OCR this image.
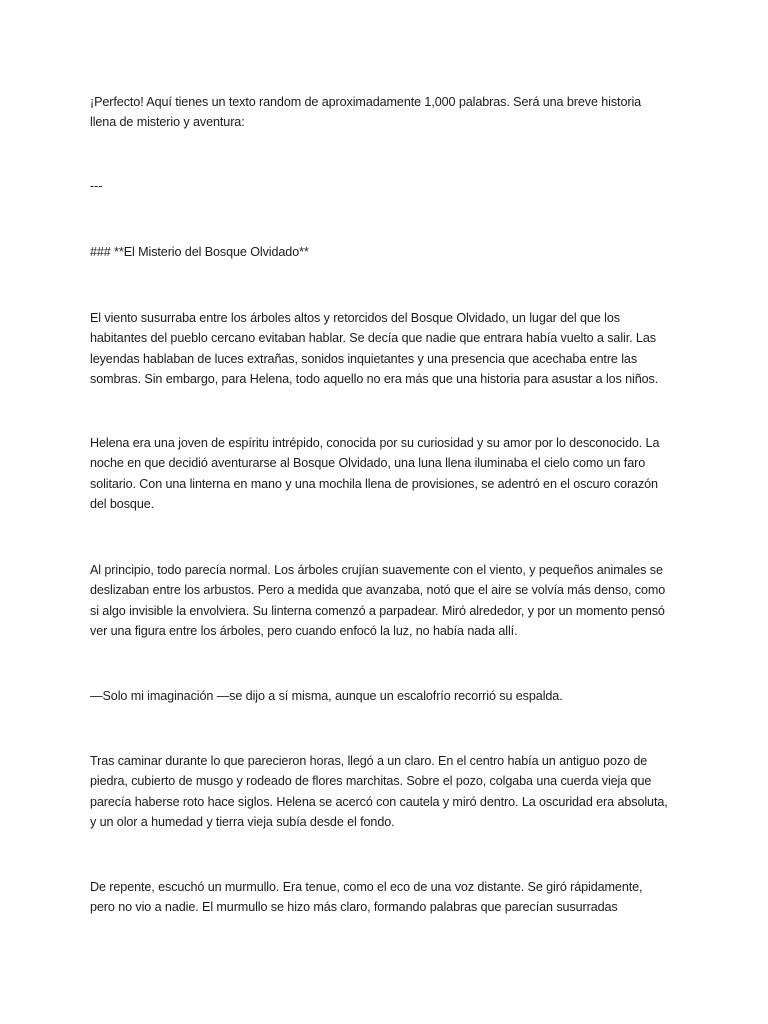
¡Perfecto! Aquí tienes un texto random de aproximadamente 1,000 palabras. Será una breve historia
llena de misterio y aventura:

---

### **El Misterio del Bosque Olvidado**

El viento susurraba entre los árboles altos y retorcidos del Bosque Olvidado, un lugar del que los
habitantes del pueblo cercano evitaban hablar. Se decía que nadie que entrara había vuelto a salir. Las
leyendas hablaban de luces extrañas, sonidos inquietantes y una presencia que acechaba entre las
sombras. Sin embargo, para Helena, todo aquello no era más que una historia para asustar a los niños.

Helena era una joven de espíritu intrépido, conocida por su curiosidad y su amor por lo desconocido. La
noche en que decidió aventurarse al Bosque Olvidado, una luna llena iluminaba el cielo como un faro
solitario. Con una linterna en mano y una mochila llena de provisiones, se adentró en el oscuro corazón
del bosque.

Al principio, todo parecía normal. Los árboles crujían suavemente con el viento, y pequeños animales se
deslizaban entre los arbustos. Pero a medida que avanzaba, notó que el aire se volvía más denso, como
si algo invisible la envolviera. Su linterna comenzó a parpadear. Miró alrededor, y por un momento pensó
ver una figura entre los árboles, pero cuando enfocó la luz, no había nada allí.

—Solo mi imaginación —se dijo a sí misma, aunque un escalofrío recorrió su espalda.

Tras caminar durante lo que parecieron horas, llegó a un claro. En el centro había un antiguo pozo de
piedra, cubierto de musgo y rodeado de flores marchitas. Sobre el pozo, colgaba una cuerda vieja que
parecía haberse roto hace siglos. Helena se acercó con cautela y miró dentro. La oscuridad era absoluta,
y un olor a humedad y tierra vieja subía desde el fondo.

De repente, escuchó un murmullo. Era tenue, como el eco de una voz distante. Se giró rápidamente,
pero no vio a nadie. El murmullo se hizo más claro, formando palabras que parecían susurradas
